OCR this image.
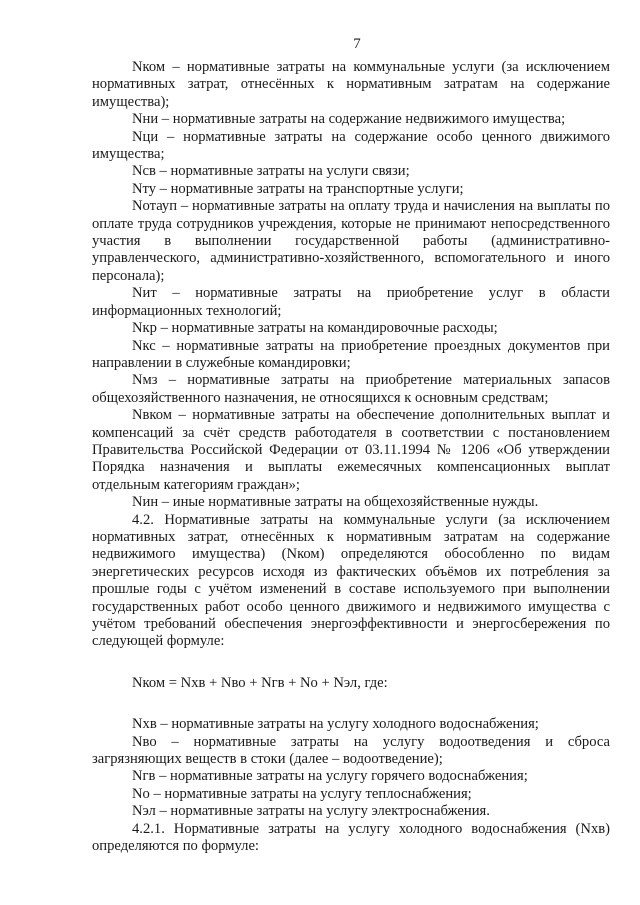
7

Nком – нормативные затраты на коммунальные услуги (за исключением нормативных затрат, отнесённых к нормативным затратам на содержание имущества);

Nни – нормативные затраты на содержание недвижимого имущества;

Nци – нормативные затраты на содержание особо ценного движимого имущества;

Nсв – нормативные затраты на услуги связи;

Nту – нормативные затраты на транспортные услуги;

Nотауп – нормативные затраты на оплату труда и начисления на выплаты по оплате труда сотрудников учреждения, которые не принимают непосредственного участия в выполнении государственной работы (административно-управленческого, административно-хозяйственного, вспомогательного и иного персонала);

Nит – нормативные затраты на приобретение услуг в области информационных технологий;

Nкр – нормативные затраты на командировочные расходы;

Nкс – нормативные затраты на приобретение проездных документов при направлении в служебные командировки;

Nмз – нормативные затраты на приобретение материальных запасов общехозяйственного назначения, не относящихся к основным средствам;

Nвком – нормативные затраты на обеспечение дополнительных выплат и компенсаций за счёт средств работодателя в соответствии с постановлением Правительства Российской Федерации от 03.11.1994 № 1206 «Об утверждении Порядка назначения и выплаты ежемесячных компенсационных выплат отдельным категориям граждан»;

Nин – иные нормативные затраты на общехозяйственные нужды.

4.2. Нормативные затраты на коммунальные услуги (за исключением нормативных затрат, отнесённых к нормативным затратам на содержание недвижимого имущества) (Nком) определяются обособленно по видам энергетических ресурсов исходя из фактических объёмов их потребления за прошлые годы с учётом изменений в составе используемого при выполнении государственных работ особо ценного движимого и недвижимого имущества с учётом требований обеспечения энергоэффективности и энергосбережения по следующей формуле:

Nком = Nхв + Nво + Nгв + Nо + Nэл, где:

Nхв – нормативные затраты на услугу холодного водоснабжения;

Nво – нормативные затраты на услугу водоотведения и сброса загрязняющих веществ в стоки (далее – водоотведение);

Nгв – нормативные затраты на услугу горячего водоснабжения;

Nо – нормативные затраты на услугу теплоснабжения;

Nэл – нормативные затраты на услугу электроснабжения.

4.2.1. Нормативные затраты на услугу холодного водоснабжения (Nхв) определяются по формуле:
